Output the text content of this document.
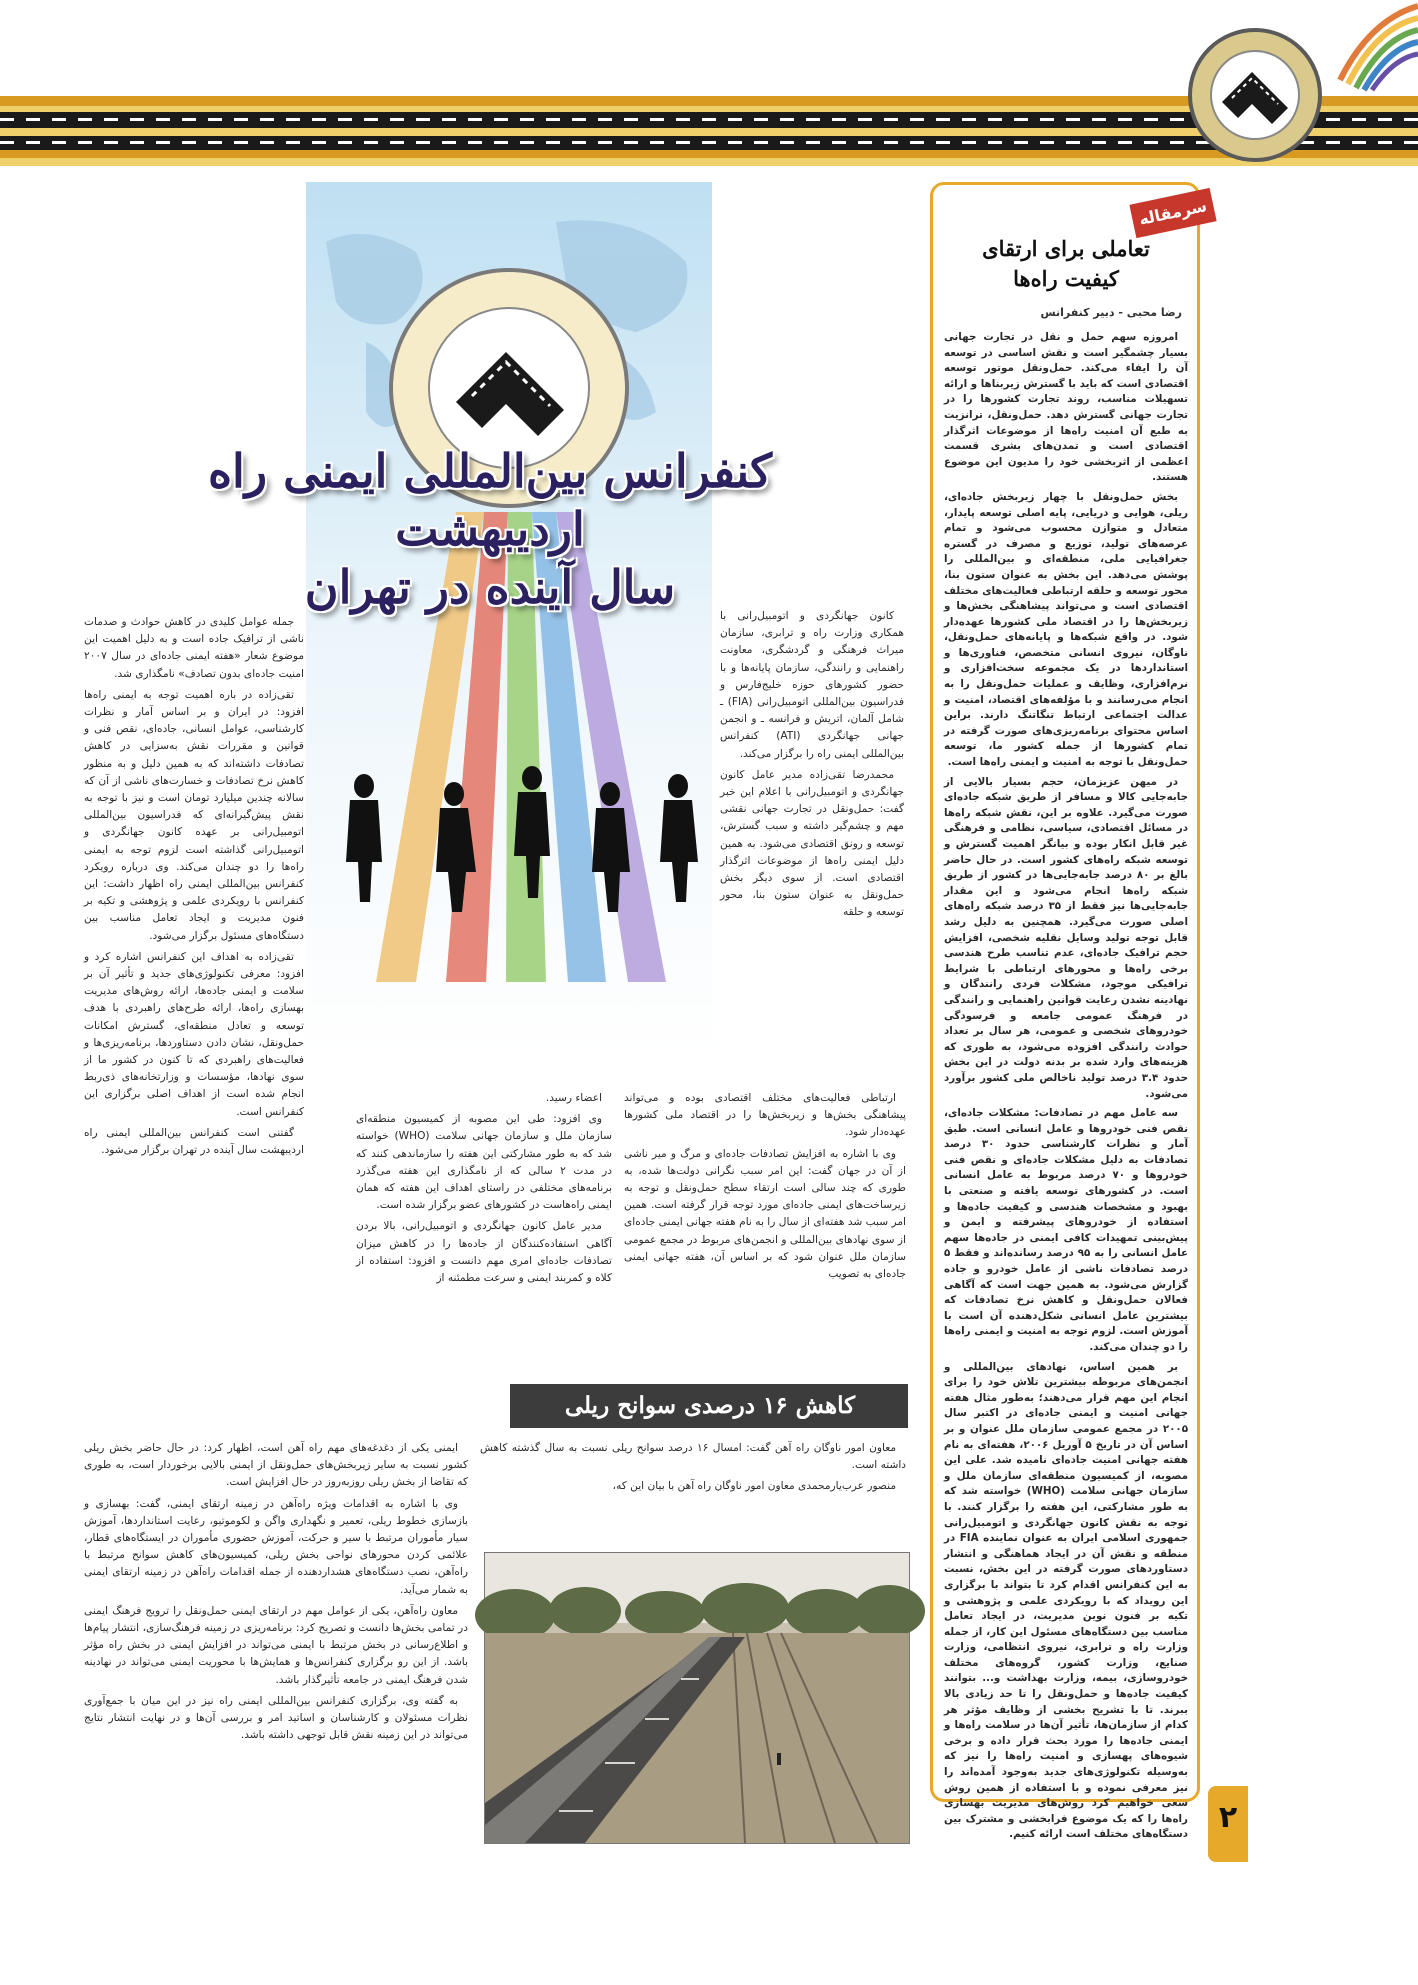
سرمقاله
تعاملی برای ارتقای
کیفیت راه‌ها
رضا محبی - دبیر کنفرانس

امروزه سهم حمل و نقل در تجارت جهانی بسیار چشمگیر است و نقش اساسی در توسعه آن را ایفاء می‌کند. حمل‌ونقل موتور توسعه اقتصادی است که باید با گسترش زیربناها و ارائه تسهیلات مناسب، روند تجارت کشورها را در تجارت جهانی گسترش دهد. حمل‌ونقل، ترانزیت به طبع آن امنیت راه‌ها از موضوعات اثرگذار اقتصادی است و تمدن‌های بشری قسمت اعظمی از اثربخشی خود را مدیون این موضوع هستند.

بخش حمل‌ونقل با چهار زیربخش جاده‌ای، ریلی، هوایی و دریایی، پایه اصلی توسعه پایدار، متعادل و متوازن محسوب می‌شود و تمام عرصه‌های تولید، توزیع و مصرف در گستره جغرافیایی ملی، منطقه‌ای و بین‌المللی را پوشش می‌دهد. این بخش به عنوان ستون بنا، محور توسعه و حلقه ارتباطی فعالیت‌های مختلف اقتصادی است و می‌تواند پیشاهنگی بخش‌ها و زیربخش‌ها را در اقتصاد ملی کشورها عهده‌دار شود. در واقع شبکه‌ها و پایانه‌های حمل‌ونقل، ناوگان، نیروی انسانی متخصص، فناوری‌ها و استانداردها در یک مجموعه سخت‌افزاری و نرم‌افزاری، وظایف و عملیات حمل‌ونقل را به انجام می‌رسانند و با مؤلفه‌های اقتصاد، امنیت و عدالت اجتماعی ارتباط تنگاتنگ دارند. براین اساس محتوای برنامه‌ریزی‌های صورت گرفته در تمام کشورها از جمله کشور ما، توسعه حمل‌ونقل با توجه به امنیت و ایمنی راه‌ها است.

در میهن عزیزمان، حجم بسیار بالایی از جابه‌جایی کالا و مسافر از طریق شبکه جاده‌ای صورت می‌گیرد. علاوه بر این، نقش شبکه راه‌ها در مسائل اقتصادی، سیاسی، نظامی و فرهنگی غیر قابل انکار بوده و بیانگر اهمیت گسترش و توسعه شبکه راه‌های کشور است. در حال حاضر بالغ بر ۸۰ درصد جابه‌جایی‌ها در کشور از طریق شبکه راه‌ها انجام می‌شود و این مقدار جابه‌جایی‌ها نیز فقط از ۳۵ درصد شبکه راه‌های اصلی صورت می‌گیرد. همچنین به دلیل رشد قابل توجه تولید وسایل نقلیه شخصی، افزایش حجم ترافیک جاده‌ای، عدم تناسب طرح هندسی برخی راه‌ها و محورهای ارتباطی با شرایط ترافیکی موجود، مشکلات فردی رانندگان و نهادینه نشدن رعایت قوانین راهنمایی و رانندگی در فرهنگ عمومی جامعه و فرسودگی خودروهای شخصی و عمومی، هر سال بر تعداد حوادث رانندگی افزوده می‌شود، به طوری که هزینه‌های وارد شده بر بدنه دولت در این بخش حدود ۳.۴ درصد تولید ناخالص ملی کشور برآورد می‌شود.

سه عامل مهم در تصادفات: مشکلات جاده‌ای، نقص فنی خودروها و عامل انسانی است. طبق آمار و نظرات کارشناسی حدود ۳۰ درصد تصادفات به دلیل مشکلات جاده‌ای و نقص فنی خودروها و ۷۰ درصد مربوط به عامل انسانی است. در کشورهای توسعه یافته و صنعتی با بهبود و مشخصات هندسی و کیفیت جاده‌ها و استفاده از خودروهای پیشرفته و ایمن و پیش‌بینی تمهیدات کافی ایمنی در جاده‌ها سهم عامل انسانی را به ۹۵ درصد رسانده‌اند و فقط ۵ درصد تصادفات ناشی از عامل خودرو و جاده گزارش می‌شود. به همین جهت است که آگاهی فعالان حمل‌ونقل و کاهش نرخ تصادفات که بیشترین عامل انسانی شکل‌دهنده آن است با آموزش است. لزوم توجه به امنیت و ایمنی راه‌ها را دو چندان می‌کند.

بر همین اساس، نهادهای بین‌المللی و انجمن‌های مربوطه بیشترین تلاش خود را برای انجام این مهم قرار می‌دهند؛ به‌طور مثال هفته جهانی امنیت و ایمنی جاده‌ای در اکتبر سال ۲۰۰۵ در مجمع عمومی سازمان ملل عنوان و بر اساس آن در تاریخ ۵ آوریل ۲۰۰۶، هفته‌ای به نام هفته جهانی امنیت جاده‌ای نامیده شد. علی این مصوبه، از کمیسیون منطقه‌ای سازمان ملل و سازمان جهانی سلامت (WHO) خواسته شد که به طور مشارکتی، این هفته را برگزار کنند. با توجه به نقش کانون جهانگردی و اتومبیل‌رانی جمهوری اسلامی ایران به عنوان نماینده FIA در منطقه و نقش آن در ایجاد هماهنگی و انتشار دستاوردهای صورت گرفته در این بخش، نسبت به این کنفرانس اقدام کرد تا بتواند با برگزاری این رویداد که با رویکردی علمی و پژوهشی و تکیه بر فنون نوین مدیریت، در ایجاد تعامل مناسب بین دستگاه‌های مسئول این کار، از جمله وزارت راه و ترابری، نیروی انتظامی، وزارت صنایع، وزارت کشور، گروه‌های مختلف خودروسازی، بیمه، وزارت بهداشت و... بتوانند کیفیت جاده‌ها و حمل‌ونقل را تا حد زیادی بالا ببرند. تا با تشریح بخشی از وظایف مؤثر هر کدام از سازمان‌ها، تأثیر آن‌ها در سلامت راه‌ها و ایمنی جاده‌ها را مورد بحث قرار داده و برخی شیوه‌های پهسازی و امنیت راه‌ها را نیز که به‌وسیله تکنولوژی‌های جدید به‌وجود آمده‌اند را نیز معرفی نموده و با استفاده از همین روش سعی خواهیم کرد روش‌های مدیریت بهسازی راه‌ها را که یک موضوع فرابخشی و مشترک بین دستگاه‌های مختلف است ارائه کنیم.

کنفرانس بین‌المللی ایمنی راه اردیبهشت
سال آینده در تهران

کانون جهانگردی و اتومبیل‌رانی با همکاری وزارت راه و ترابری، سازمان میراث فرهنگی و گردشگری، معاونت راهنمایی و رانندگی، سازمان پایانه‌ها و با حضور کشورهای حوزه خلیج‌فارس و فدراسیون بین‌المللی اتومبیل‌رانی (FIA) ـ شامل آلمان، اتریش و فرانسه ـ و انجمن جهانی جهانگردی (ATI) کنفرانس بین‌المللی ایمنی راه را برگزار می‌کند.

محمدرضا تقی‌زاده مدیر عامل کانون جهانگردی و اتومبیل‌رانی با اعلام این خبر گفت: حمل‌ونقل در تجارت جهانی نقشی مهم و چشم‌گیر داشته و سبب گسترش، توسعه و رونق اقتصادی می‌شود. به همین دلیل ایمنی راه‌ها از موضوعات اثرگذار اقتصادی است. از سوی دیگر بخش حمل‌ونقل به عنوان ستون بنا، محور توسعه و حلقه

جمله عوامل کلیدی در کاهش حوادث و صدمات ناشی از ترافیک جاده است و به دلیل اهمیت این موضوع شعار «هفته ایمنی جاده‌ای در سال ۲۰۰۷ امنیت جاده‌ای بدون تصادف» نامگذاری شد.

تقی‌زاده در باره اهمیت توجه به ایمنی راه‌ها افزود: در ایران و بر اساس آمار و نظرات کارشناسی، عوامل انسانی، جاده‌ای، نقص فنی و قوانین و مقررات نقش به‌سزایی در کاهش تصادفات داشته‌اند که به همین دلیل و به منظور کاهش نرخ تصادفات و خسارت‌های ناشی از آن که سالانه چندین میلیارد تومان است و نیز با توجه به نقش پیش‌گیرانه‌ای که فدراسیون بین‌المللی اتومبیل‌رانی بر عهده کانون جهانگردی و اتومبیل‌رانی گذاشته است لزوم توجه به ایمنی راه‌ها را دو چندان می‌کند. وی درباره رویکرد کنفرانس بین‌المللی ایمنی راه اظهار داشت: این کنفرانس با رویکردی علمی و پژوهشی و تکیه بر فنون مدیریت و ایجاد تعامل مناسب بین دستگاه‌های مسئول برگزار می‌شود.

تقی‌زاده به اهداف این کنفرانس اشاره کرد و افزود: معرفی تکنولوژی‌های جدید و تأثیر آن بر سلامت و ایمنی جاده‌ها، ارائه روش‌های مدیریت بهسازی راه‌ها، ارائه طرح‌های راهبردی با هدف توسعه و تعادل منطقه‌ای، گسترش امکانات حمل‌ونقل، نشان دادن دستاوردها، برنامه‌ریزی‌ها و فعالیت‌های راهبردی که تا کنون در کشور ما از سوی نهادها، مؤسسات و وزارتخانه‌های ذی‌ربط انجام شده است از اهداف اصلی برگزاری این کنفرانس است.

گفتنی است کنفرانس بین‌المللی ایمنی راه اردیبهشت سال آینده در تهران برگزار می‌شود.

ارتباطی فعالیت‌های مختلف اقتصادی بوده و می‌تواند پیشاهنگی بخش‌ها و زیربخش‌ها را در اقتصاد ملی کشورها عهده‌دار شود.

وی با اشاره به افزایش تصادفات جاده‌ای و مرگ و میر ناشی از آن در جهان گفت: این امر سبب نگرانی دولت‌ها شده، به طوری که چند سالی است ارتقاء سطح حمل‌ونقل و توجه به زیرساخت‌های ایمنی جاده‌ای مورد توجه قرار گرفته است. همین امر سبب شد هفته‌ای از سال را به نام هفته جهانی ایمنی جاده‌ای از سوی نهادهای بین‌المللی و انجمن‌های مربوط در مجمع عمومی سازمان ملل عنوان شود که بر اساس آن، هفته جهانی ایمنی جاده‌ای به تصویب

اعضاء رسید.

وی افزود: طی این مصوبه از کمیسیون منطقه‌ای سازمان ملل و سازمان جهانی سلامت (WHO) خواسته شد که به طور مشارکتی این هفته را سازماندهی کنند که در مدت ۲ سالی که از نامگذاری این هفته می‌گذرد برنامه‌های مختلفی در راستای اهداف این هفته که همان ایمنی راه‌هاست در کشورهای عضو برگزار شده است.

مدیر عامل کانون جهانگردی و اتومبیل‌رانی، بالا بردن آگاهی استفاده‌کنندگان از جاده‌ها را در کاهش میزان تصادفات جاده‌ای امری مهم دانست و افزود: استفاده از کلاه و کمربند ایمنی و سرعت مطمئنه از

کاهش ۱۶ درصدی سوانح ریلی

معاون امور ناوگان راه آهن گفت: امسال ۱۶ درصد سوانح ریلی نسبت به سال گذشته کاهش داشته است.

منصور عرب‌یارمحمدی معاون امور ناوگان راه آهن با بیان این که،

ایمنی یکی از دغدغه‌های مهم راه آهن است، اظهار کرد: در حال حاضر بخش ریلی کشور نسبت به سایر زیربخش‌های حمل‌ونقل از ایمنی بالایی برخوردار است، به طوری که تقاضا از بخش ریلی روزبه‌روز در حال افزایش است.

وی با اشاره به اقدامات ویژه راه‌آهن در زمینه ارتقای ایمنی، گفت: بهسازی و بازسازی خطوط ریلی، تعمیر و نگهداری واگن و لکوموتیو، رعایت استانداردها، آموزش سیار مأموران مرتبط با سیر و حرکت، آموزش حضوری مأموران در ایستگاه‌های قطار، علائمی کردن محورهای نواحی بخش ریلی، کمیسیون‌های کاهش سوانح مرتبط با راه‌آهن، نصب دستگاه‌های هشداردهنده از جمله اقدامات راه‌آهن در زمینه ارتقای ایمنی به شمار می‌آید.

معاون راه‌آهن، یکی از عوامل مهم در ارتقای ایمنی حمل‌ونقل را ترویج فرهنگ ایمنی در تمامی بخش‌ها دانست و تصریح کرد: برنامه‌ریزی در زمینه فرهنگ‌سازی، انتشار پیام‌ها و اطلاع‌رسانی در بخش مرتبط با ایمنی می‌تواند در افزایش ایمنی در بخش راه مؤثر باشد. از این رو برگزاری کنفرانس‌ها و همایش‌ها با محوریت ایمنی می‌تواند در نهادینه شدن فرهنگ ایمنی در جامعه تأثیرگذار باشد.

به گفته وی، برگزاری کنفرانس بین‌المللی ایمنی راه نیز در این میان با جمع‌آوری نظرات مسئولان و کارشناسان و اساتید امر و بررسی آن‌ها و در نهایت انتشار نتایج می‌تواند در این زمینه نقش قابل توجهی داشته باشد.

۲
